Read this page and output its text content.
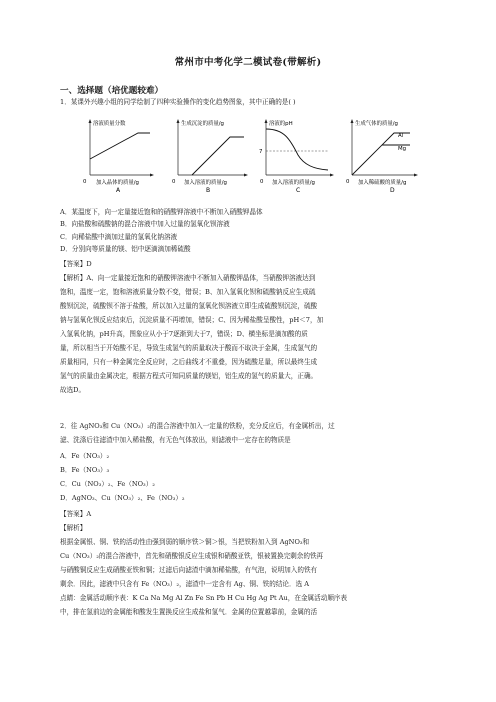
常州市中考化学二模试卷(带解析)
一、选择题（培优题较难）
1．某课外兴趣小组的同学绘制了四种实验操作的变化趋势图象，其中正确的是( )
溶液质量分数
0 加入晶体的质量/g
A
生成沉淀的质量/g
0 加入溶液的质量/g
B
溶液的pH
7
0 加入溶液的质量/g
C
生成气体的质量/g
Al
Mg
0 加入稀硫酸的质量/g
D
A．某温度下，向一定量接近饱和的硝酸钾溶液中不断加入硝酸钾晶体
B．向盐酸和硫酸钠的混合溶液中加入过量的氢氧化钡溶液
C．向稀盐酸中滴加过量的氢氧化钠溶液
D．分别向等质量的镁、铝中逐滴滴加稀硫酸
【答案】D
【解析】A、向一定量接近饱和的硝酸钾溶液中不断加入硝酸钾晶体，当硝酸钾溶液达到
饱和，温度一定，饱和溶液质量分数不变，错误；B、加入氢氧化钡和硫酸钠反应生成硫
酸钡沉淀，硫酸钡不溶于盐酸，所以加入过量的氢氧化钡溶液立即生成硫酸钡沉淀，硫酸
钠与氢氧化钡反应结束后，沉淀质量不再增加，错误；C、因为稀盐酸呈酸性，pH＜7，加
入氢氧化钠，pH升高，图象应从小于7逐渐到大于7，错误；D、横坐标是滴加酸的质
量，所以相当于开始酸不足，导致生成氢气的质量取决于酸而不取决于金属，生成氢气的
质量相同，只有一种金属完全反应时，之后曲线才不重叠，因为硫酸足量，所以最终生成
氢气的质量由金属决定，根据方程式可知同质量的镁铝，铝生成的氢气的质量大，正确。
故选D。
2．往 AgNO₃和 Cu（NO₃）₂的混合溶液中加入一定量的铁粉，充分反应后，有金属析出，过
滤、洗涤后往滤渣中加入稀盐酸，有无色气体放出，则滤液中一定存在的物质是
A．Fe（NO₃）₂
B．Fe（NO₃）₃
C．Cu（NO₃）₂、Fe（NO₃）₂
D．AgNO₃、Cu（NO₃）₂、Fe（NO₃）₂
【答案】A
【解析】
根据金属银、铜、铁的活动性由强到弱的顺序铁＞铜＞银，当把铁粉加入到 AgNO₃和
Cu（NO₃）₂的混合溶液中，首先和硝酸银反应生成银和硝酸亚铁，银被置换完剩余的铁再
与硝酸铜反应生成硝酸亚铁和铜；过滤后向滤渣中滴加稀盐酸，有气泡，说明加入的铁有
剩余．因此，滤液中只含有 Fe（NO₃）₂，滤渣中一定含有 Ag、铜、铁的结论．选 A
点睛：金属活动顺序表：K Ca Na Mg Al Zn Fe Sn Pb H Cu Hg Ag Pt Au，在金属活动顺序表
中，排在氢前边的金属能和酸发生置换反应生成盐和氢气．金属的位置越靠前，金属的活
